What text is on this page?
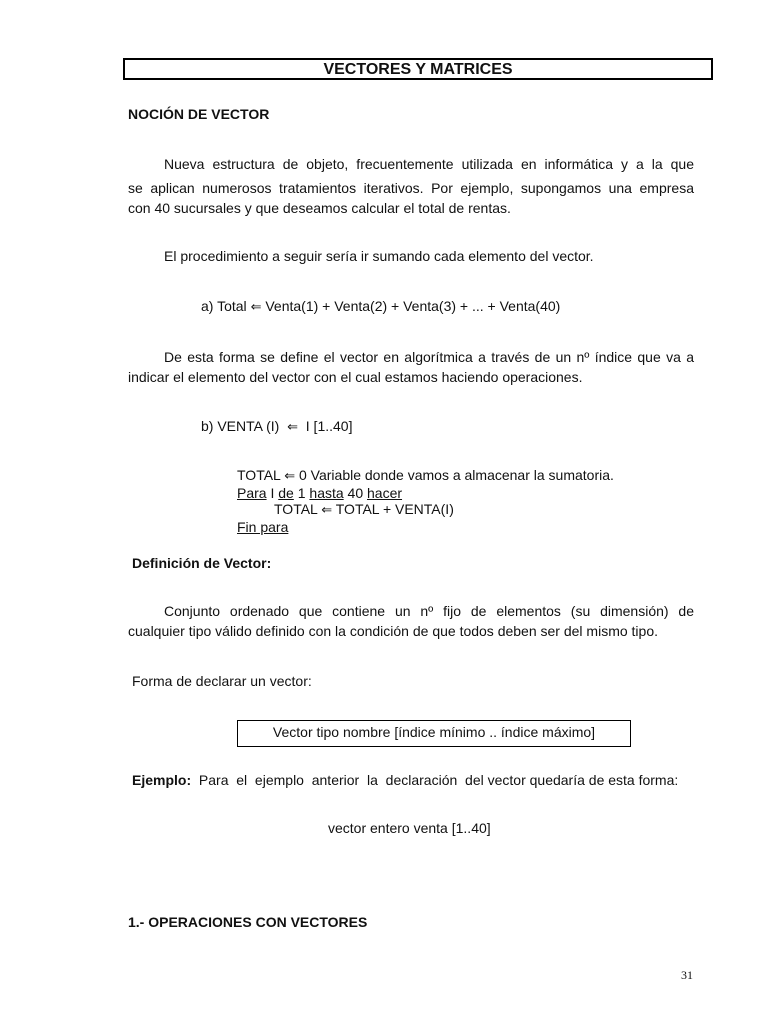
VECTORES Y MATRICES
NOCIÓN DE VECTOR
Nueva estructura de objeto, frecuentemente utilizada en informática y a la que
se aplican numerosos tratamientos iterativos. Por ejemplo, supongamos una empresa
con 40 sucursales y que deseamos calcular el total de rentas.
El procedimiento a seguir sería ir sumando cada elemento del vector.
a) Total ⇐ Venta(1) + Venta(2) + Venta(3) + ... + Venta(40)
De esta forma se define el vector en algorítmica a través de un nº índice que va a
indicar el elemento del vector con el cual estamos haciendo operaciones.
b) VENTA (I) ⇐ I [1..40]
TOTAL ⇐ 0 Variable donde vamos a almacenar la sumatoria.
Para I de 1 hasta 40 hacer
TOTAL ⇐ TOTAL + VENTA(I)
Fin para
Definición de Vector:
Conjunto ordenado que contiene un nº fijo de elementos (su dimensión) de
cualquier tipo válido definido con la condición de que todos deben ser del mismo tipo.
Forma de declarar un vector:
Vector tipo nombre [índice mínimo .. índice máximo]
Ejemplo:  Para  el  ejemplo  anterior  la  declaración  del vector quedaría de esta forma:
vector entero venta [1..40]
1.- OPERACIONES CON VECTORES
31
